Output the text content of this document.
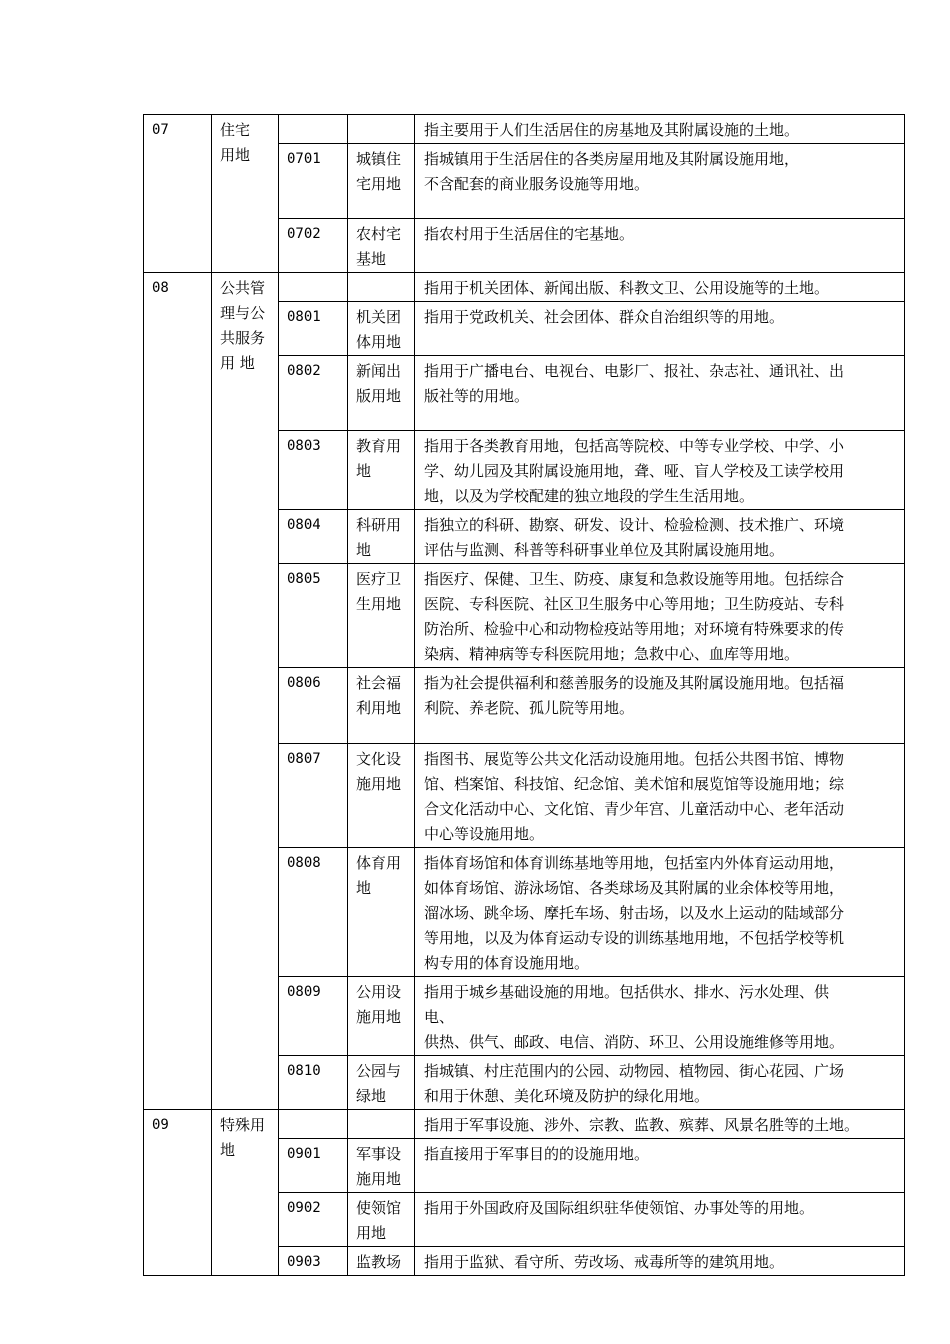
07	住宅
用地			指主要用于人们生活居住的房基地及其附属设施的土地。

		0701	城镇住
宅用地	指城镇用于生活居住的各类房屋用地及其附属设施用地，
不含配套的商业服务设施等用地。

		0702	农村宅
基地	指农村用于生活居住的宅基地。

08	公共管
理与公
共服务
用 地			指用于机关团体、新闻出版、科教文卫、公用设施等的土地。

		0801	机关团
体用地	指用于党政机关、社会团体、群众自治组织等的用地。

		0802	新闻出
版用地	指用于广播电台、电视台、电影厂、报社、杂志社、通讯社、出
版社等的用地。

		0803	教育用
地	指用于各类教育用地，包括高等院校、中等专业学校、中学、小
学、幼儿园及其附属设施用地，聋、哑、盲人学校及工读学校用
地，以及为学校配建的独立地段的学生生活用地。

		0804	科研用
地	指独立的科研、勘察、研发、设计、检验检测、技术推广、环境
评估与监测、科普等科研事业单位及其附属设施用地。

		0805	医疗卫
生用地	指医疗、保健、卫生、防疫、康复和急救设施等用地。包括综合
医院、专科医院、社区卫生服务中心等用地；卫生防疫站、专科
防治所、检验中心和动物检疫站等用地；对环境有特殊要求的传
染病、精神病等专科医院用地；急救中心、血库等用地。

		0806	社会福
利用地	指为社会提供福利和慈善服务的设施及其附属设施用地。包括福
利院、养老院、孤儿院等用地。

		0807	文化设
施用地	指图书、展览等公共文化活动设施用地。包括公共图书馆、博物
馆、档案馆、科技馆、纪念馆、美术馆和展览馆等设施用地；综
合文化活动中心、文化馆、青少年宫、儿童活动中心、老年活动
中心等设施用地。

		0808	体育用
地	指体育场馆和体育训练基地等用地，包括室内外体育运动用地，
如体育场馆、游泳场馆、各类球场及其附属的业余体校等用地，
溜冰场、跳伞场、摩托车场、射击场，以及水上运动的陆域部分
等用地，以及为体育运动专设的训练基地用地，不包括学校等机
构专用的体育设施用地。

		0809	公用设
施用地	指用于城乡基础设施的用地。包括供水、排水、污水处理、供
电、
供热、供气、邮政、电信、消防、环卫、公用设施维修等用地。

		0810	公园与
绿地	指城镇、村庄范围内的公园、动物园、植物园、街心花园、广场
和用于休憩、美化环境及防护的绿化用地。

09	特殊用
地			指用于军事设施、涉外、宗教、监教、殡葬、风景名胜等的土地。

		0901	军事设
施用地	指直接用于军事目的的设施用地。

		0902	使领馆
用地	指用于外国政府及国际组织驻华使领馆、办事处等的用地。

		0903	监教场	指用于监狱、看守所、劳改场、戒毒所等的建筑用地。
